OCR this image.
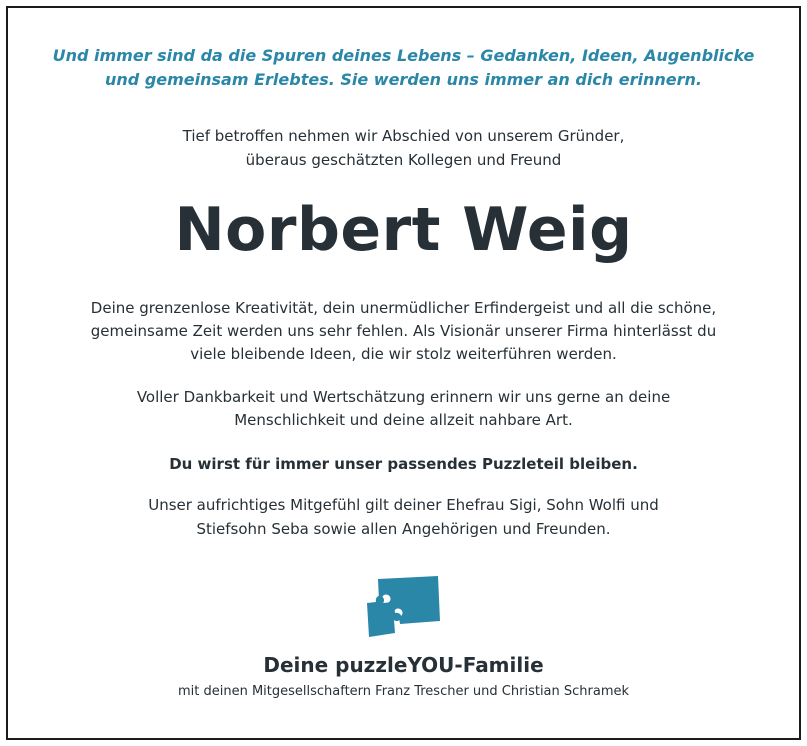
Und immer sind da die Spuren deines Lebens – Gedanken, Ideen, Augenblicke
und gemeinsam Erlebtes. Sie werden uns immer an dich erinnern.
Tief betroffen nehmen wir Abschied von unserem Gründer,
überaus geschätzten Kollegen und Freund
Norbert Weig
Deine grenzenlose Kreativität, dein unermüdlicher Erfindergeist und all die schöne,
gemeinsame Zeit werden uns sehr fehlen. Als Visionär unserer Firma hinterlässt du
viele bleibende Ideen, die wir stolz weiterführen werden.
Voller Dankbarkeit und Wertschätzung erinnern wir uns gerne an deine
Menschlichkeit und deine allzeit nahbare Art.
Du wirst für immer unser passendes Puzzleteil bleiben.
Unser aufrichtiges Mitgefühl gilt deiner Ehefrau Sigi, Sohn Wolfi und
Stiefsohn Seba sowie allen Angehörigen und Freunden.
Deine puzzleYOU-Familie
mit deinen Mitgesellschaftern Franz Trescher und Christian Schramek
